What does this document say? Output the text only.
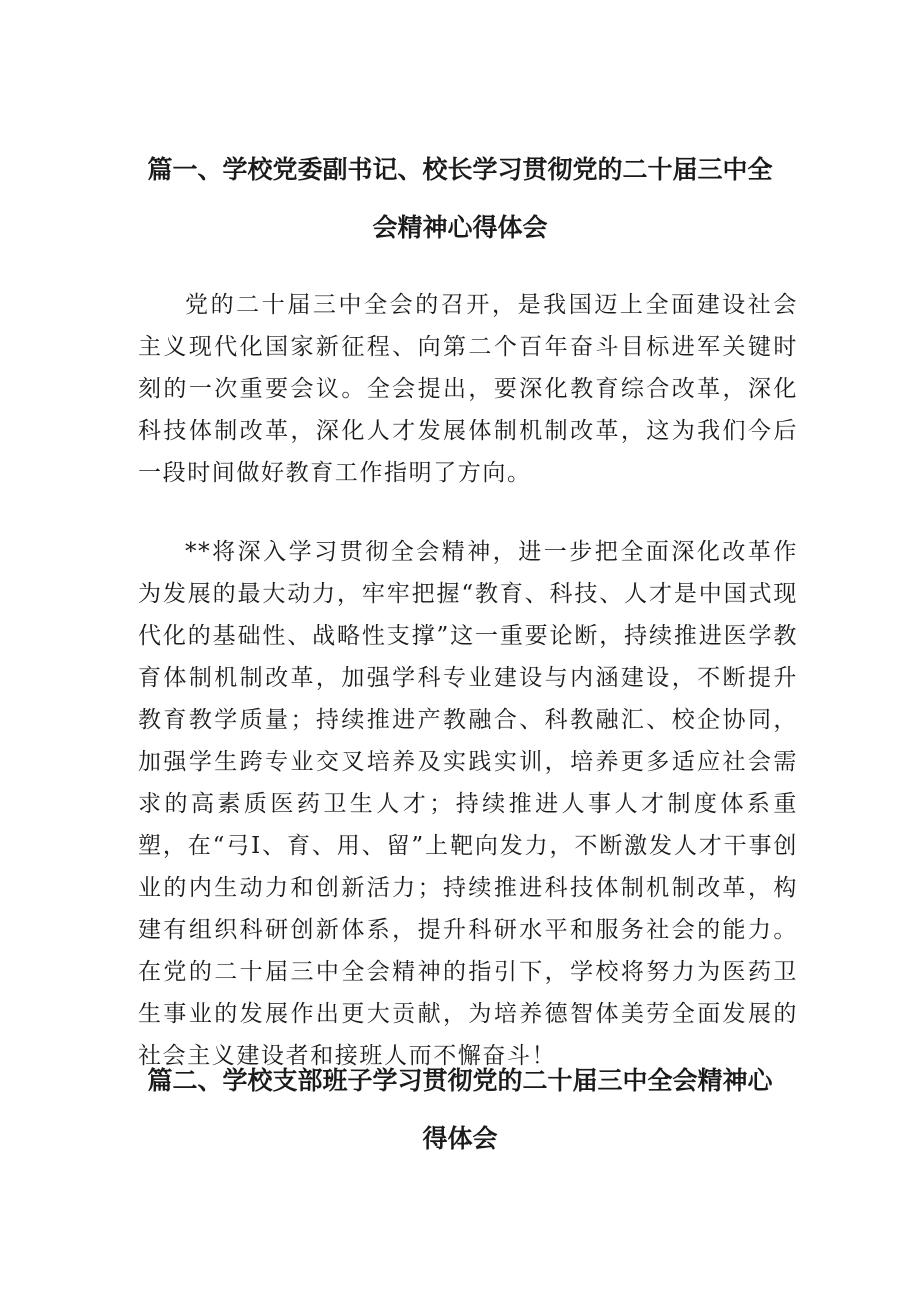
篇一、学校党委副书记、校长学习贯彻党的二十届三中全
会精神心得体会
党的二十届三中全会的召开，是我国迈上全面建设社会主义现代化国家新征程、向第二个百年奋斗目标进军关键时刻的一次重要会议。全会提出，要深化教育综合改革，深化科技体制改革，深化人才发展体制机制改革，这为我们今后一段时间做好教育工作指明了方向。
**将深入学习贯彻全会精神，进一步把全面深化改革作为发展的最大动力，牢牢把握“教育、科技、人才是中国式现代化的基础性、战略性支撑”这一重要论断，持续推进医学教育体制机制改革，加强学科专业建设与内涵建设，不断提升教育教学质量；持续推进产教融合、科教融汇、校企协同，加强学生跨专业交叉培养及实践实训，培养更多适应社会需求的高素质医药卫生人才；持续推进人事人才制度体系重塑，在“弓I、育、用、留”上靶向发力，不断激发人才干事创业的内生动力和创新活力；持续推进科技体制机制改革，构建有组织科研创新体系，提升科研水平和服务社会的能力。在党的二十届三中全会精神的指引下，学校将努力为医药卫生事业的发展作出更大贡献，为培养德智体美劳全面发展的社会主义建设者和接班人而不懈奋斗！
篇二、学校支部班子学习贯彻党的二十届三中全会精神心
得体会
